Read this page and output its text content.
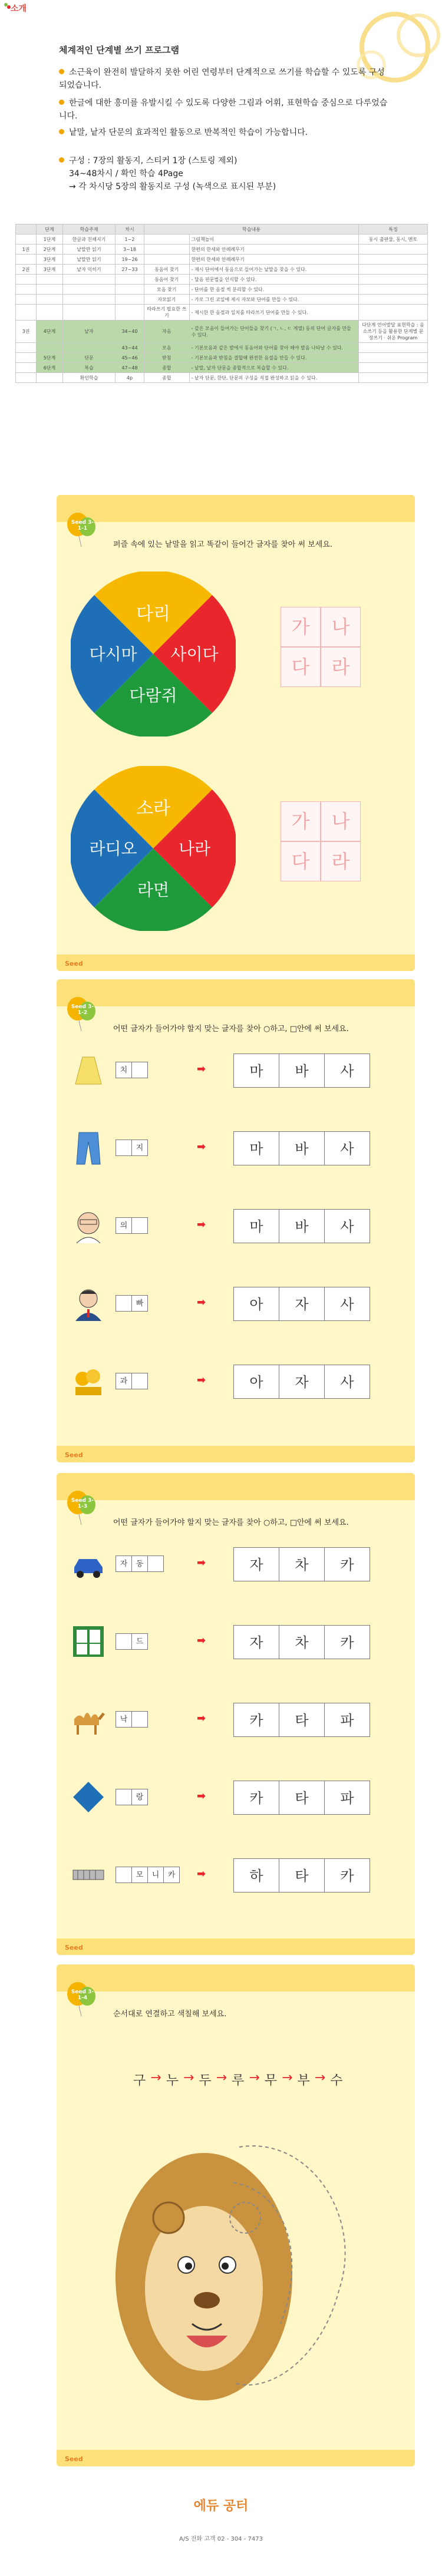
소개
체계적인 단계별 쓰기 프로그램
소근육이 완전히 발달하지 못한 어린 연령부터 단계적으로 쓰기를 학습할 수 있도록 구성 되었습니다.
한글에 대한 흥미를 유발시킬 수 있도록 다양한 그림과 어휘, 표현학습 중심으로 다루었습니다.
낱말, 낱자 단문의 효과적인 활동으로 반복적인 학습이 가능합니다.
구성 : 7장의 활동지, 스티커 1장 (스토링 제외)
34~48차시 / 확인 학습 4Page
→ 각 차시당 5장의 활동지로 구성 (녹색으로 표시된 부분)
	단계	학습주제	차시	학습내용		특징
	1단계	한글과 친해지기	1~2		그림책놀이	동시 출판물, 동시, 멘토
1권	2단계	낱말만 읽기	3~18		한편의 한세와 안례례무기	
	3단계	낱말만 읽기	19~26		한편의 한세와 안례례무기	
2권	3단계	낱자 익히기	27~33	동음어 찾기	- 제시 단어에서 동음으로 들어가는 낱말을 찾을 수 있다.	
				동음어 찾기	- 달음 핀문법을 인식할 수 있다.	
				모음 찾기	- 단어를 한 음절 씩 분리할 수 있다.	
				자모읽기	- 가로 그린 코일에 제시 자모와 단어를 만들 수 있다.	
				따라쓰기 필요한 쓰기	- 제시한 한 음절과 일치를 따라쓰기 단어를 만들 수 있다.	
3권	4단계	낱자	34~40	자음	- 같은 모음이 들어가는 단어들을 찾기 (ㄱ, ㄴ, ㄷ 계열) 동의 단어 글자를 만들 수 있다.	다단계 언어발달 표현학습 : 음소쓰기 등을 활용한 단계별 문장쓰기 · 쉬운 Program
			43~44	모음	- 기본모음과 같은 밭에서 동음어와 단어를 찾아 해야 발음 나타날 수 있다.	
	5단계	단문	45~46	받침	- 기본모음과 받침을 결합해 완전한 음절을 만들 수 있다.	
	6단계	복습	47~48	종합	- 낱말, 낱자 단문을 종합적으로 복습할 수 있다.	
		확인학습	4p	종합	- 낱자 단문, 한단, 단문의 구성을 직접 완성하고 읽을 수 있다.	
Seed 3-1-1
퍼즐 속에 있는 낱말을 읽고 똑같이 들어간 글자를 찾아 써 보세요.
다리
다시마 사이다
다람쥐
가	나
다	라
소라
라디오	나라
라면
가	나
다	라
Seed
Seed 3-1-2
어떤 글자가 들어가야 할지 맞는 글자를 찾아 ○하고, □안에 써 보세요.
치	➡	마	바	사
지	➡	마	바	사
의	➡	마	바	사
빠	➡	아	자	사
과	➡	아	자	사
Seed
Seed 3-1-3
어떤 글자가 들어가야 할지 맞는 글자를 찾아 ○하고, □안에 써 보세요.
자	동	➡	자	차	카
드	➡	자	차	카
낙	➡	카	타	파
랑	➡	카	타	파
모	니	카	➡	하	타	카
Seed
Seed 3-1-4
순서대로 연결하고 색칠해 보세요.
구 → 누 → 두 → 루 → 무 → 부 → 수
Seed
에듀 공터
A/S 전화 고객 02 - 304 - 7473
